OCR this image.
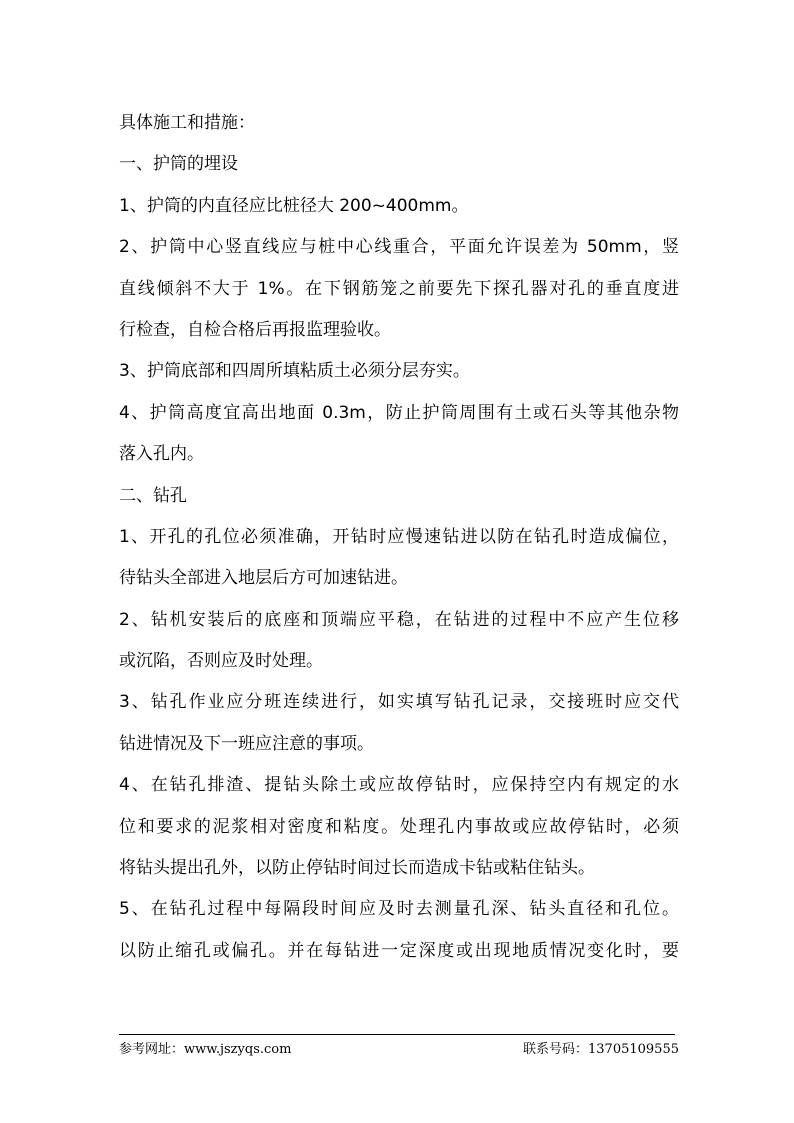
具体施工和措施：
一、护筒的埋设
1、护筒的内直径应比桩径大 200~400mm。
2、护筒中心竖直线应与桩中心线重合，平面允许误差为 50mm，竖
直线倾斜不大于 1%。在下钢筋笼之前要先下探孔器对孔的垂直度进
行检查，自检合格后再报监理验收。
3、护筒底部和四周所填粘质土必须分层夯实。
4、护筒高度宜高出地面 0.3m，防止护筒周围有土或石头等其他杂物
落入孔内。
二、钻孔
1、开孔的孔位必须准确，开钻时应慢速钻进以防在钻孔时造成偏位，
待钻头全部进入地层后方可加速钻进。
2、钻机安装后的底座和顶端应平稳，在钻进的过程中不应产生位移
或沉陷，否则应及时处理。
3、钻孔作业应分班连续进行，如实填写钻孔记录，交接班时应交代
钻进情况及下一班应注意的事项。
4、在钻孔排渣、提钻头除土或应故停钻时，应保持空内有规定的水
位和要求的泥浆相对密度和粘度。处理孔内事故或应故停钻时，必须
将钻头提出孔外，以防止停钻时间过长而造成卡钻或粘住钻头。
5、在钻孔过程中每隔段时间应及时去测量孔深、钻头直径和孔位。
以防止缩孔或偏孔。并在每钻进一定深度或出现地质情况变化时，要
参考网址：www.jszyqs.com	联系号码：13705109555
